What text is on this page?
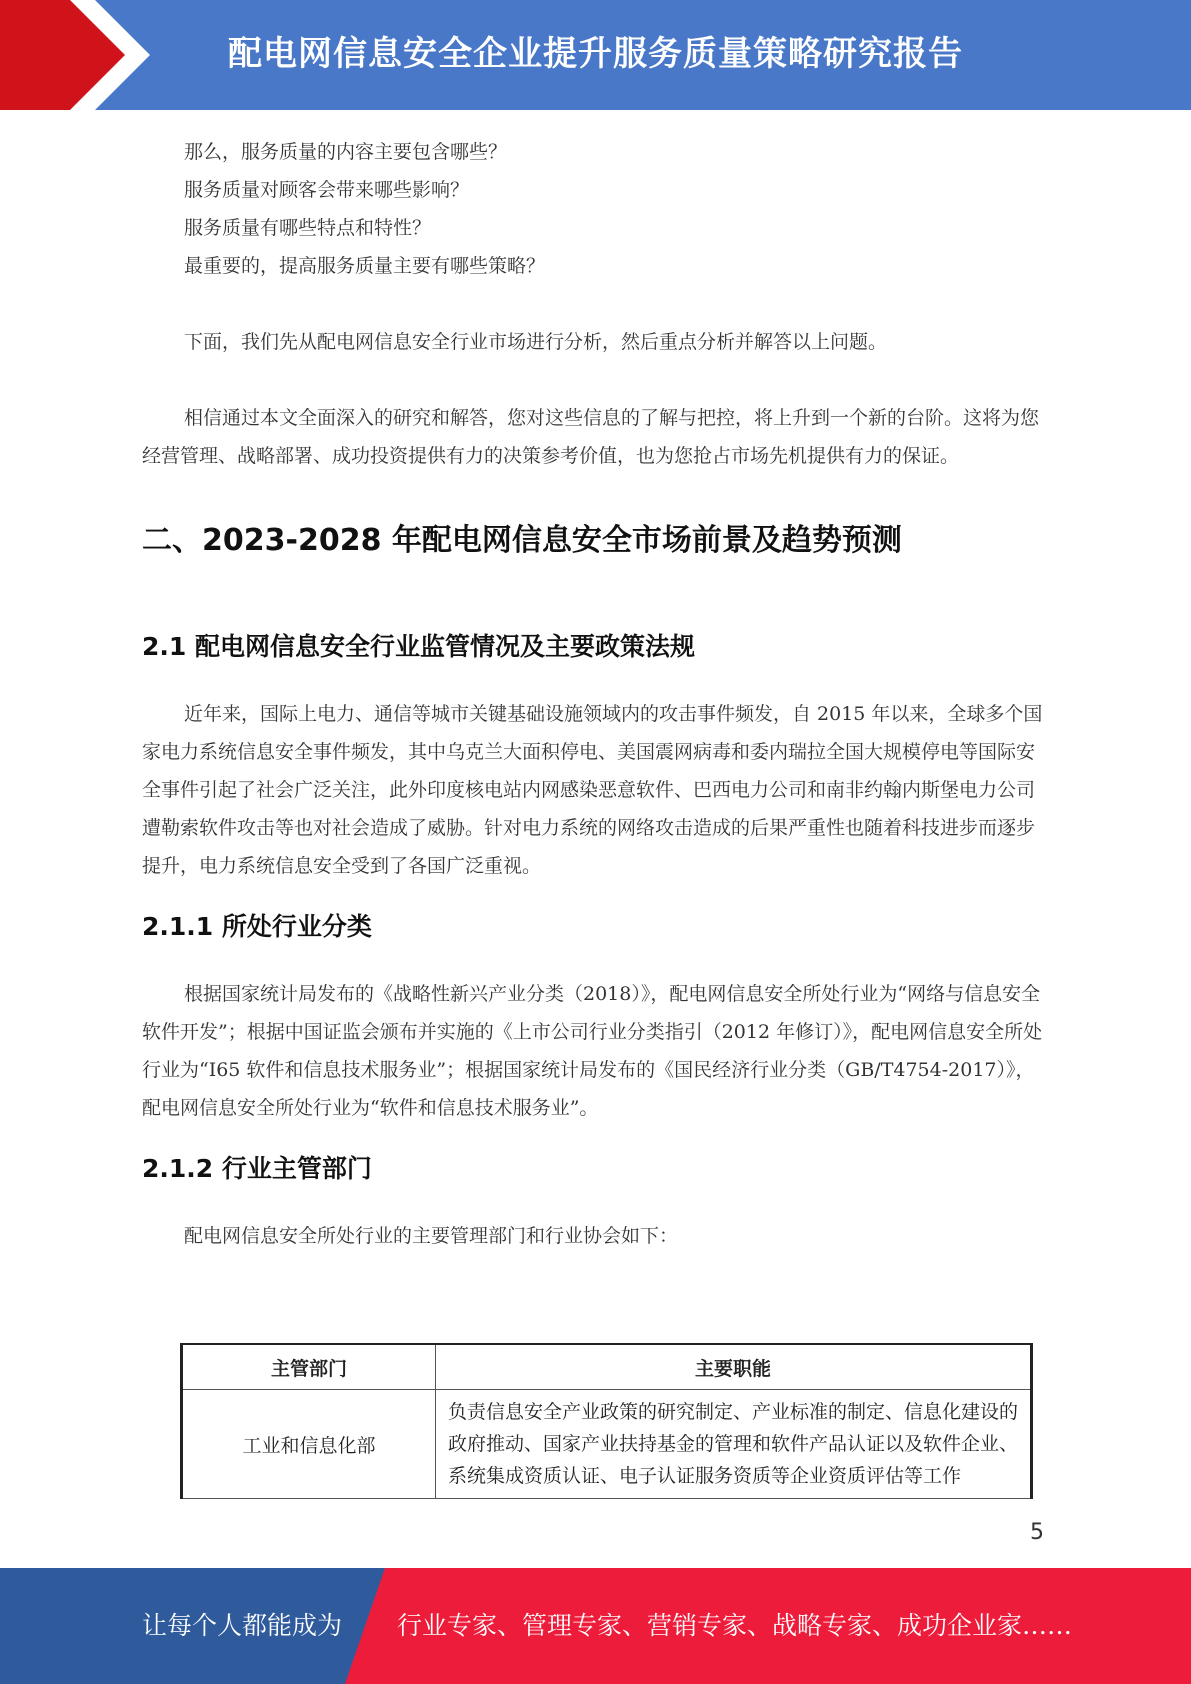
配电网信息安全企业提升服务质量策略研究报告

那么，服务质量的内容主要包含哪些？

服务质量对顾客会带来哪些影响？

服务质量有哪些特点和特性？

最重要的，提高服务质量主要有哪些策略？

下面，我们先从配电网信息安全行业市场进行分析，然后重点分析并解答以上问题。

相信通过本文全面深入的研究和解答，您对这些信息的了解与把控，将上升到一个新的台阶。这将为您经营管理、战略部署、成功投资提供有力的决策参考价值，也为您抢占市场先机提供有力的保证。

二、2023-2028 年配电网信息安全市场前景及趋势预测
2.1 配电网信息安全行业监管情况及主要政策法规

近年来，国际上电力、通信等城市关键基础设施领域内的攻击事件频发，自 2015 年以来，全球多个国家电力系统信息安全事件频发，其中乌克兰大面积停电、美国震网病毒和委内瑞拉全国大规模停电等国际安全事件引起了社会广泛关注，此外印度核电站内网感染恶意软件、巴西电力公司和南非约翰内斯堡电力公司遭勒索软件攻击等也对社会造成了威胁。针对电力系统的网络攻击造成的后果严重性也随着科技进步而逐步提升，电力系统信息安全受到了各国广泛重视。

2.1.1 所处行业分类

根据国家统计局发布的《战略性新兴产业分类（2018）》，配电网信息安全所处行业为“网络与信息安全软件开发”；根据中国证监会颁布并实施的《上市公司行业分类指引（2012 年修订）》，配电网信息安全所处行业为“I65 软件和信息技术服务业”；根据国家统计局发布的《国民经济行业分类（GB/T4754-2017）》，配电网信息安全所处行业为“软件和信息技术服务业”。

2.1.2 行业主管部门

配电网信息安全所处行业的主要管理部门和行业协会如下：

主管部门	主要职能
工业和信息化部	负责信息安全产业政策的研究制定、产业标准的制定、信息化建设的政府推动、国家产业扶持基金的管理和软件产品认证以及软件企业、系统集成资质认证、电子认证服务资质等企业资质评估等工作
5
让每个人都能成为 行业专家、管理专家、营销专家、战略专家、成功企业家……
